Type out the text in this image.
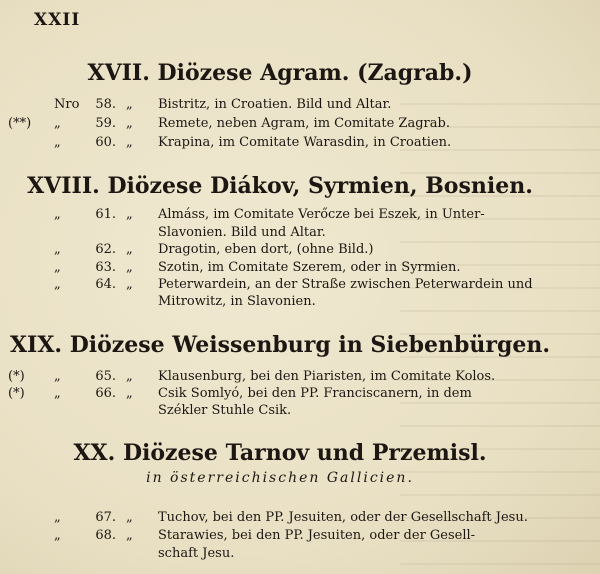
XXII
XVII. Diözese Agram. (Zagrab.)
Nro 58. „ Bistritz, in Croatien. Bild und Altar.
(**) „	59. „ Remete, neben Agram, im Comitate Zagrab.
„	60. „ Krapina, im Comitate Warasdin, in Croatien.
XVIII. Diözese Diákov, Syrmien, Bosnien.
„	61. „ Almáss, im Comitate Verőcze bei Eszek, in Unter-
Slavonien. Bild und Altar.
„	62. „ Dragotin, eben dort, (ohne Bild.)
„	63. „ Szotin, im Comitate Szerem, oder in Syrmien.
„	64. „ Peterwardein, an der Straße zwischen Peterwardein und
Mitrowitz, in Slavonien.
XIX. Diözese Weissenburg in Siebenbürgen.
(*) „	65. „ Klausenburg, bei den Piaristen, im Comitate Kolos.
(*) „	66. „ Csik Somlyó, bei den PP. Franciscanern, in dem
Székler Stuhle Csik.
XX. Diözese Tarnov und Przemisl.
in österreichischen Gallicien.
„	67. „ Tuchov, bei den PP. Jesuiten, oder der Gesellschaft Jesu.
„	68. „ Starawies, bei den PP. Jesuiten, oder der Gesell-
schaft Jesu.
